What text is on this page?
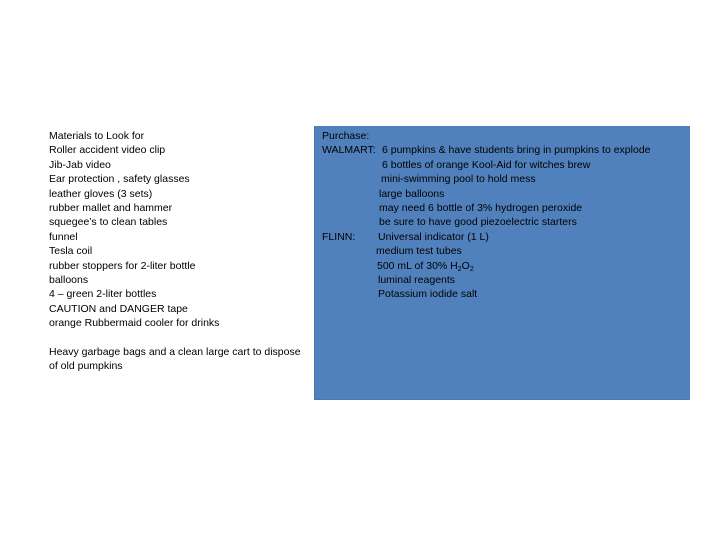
Materials to Look for
Roller accident video clip
Jib-Jab video
Ear protection , safety glasses
leather gloves (3 sets)
rubber mallet and hammer
squegee’s to clean tables
funnel
Tesla coil
rubber stoppers for 2-liter bottle
balloons
4 – green 2-liter bottles
CAUTION and DANGER tape
orange Rubbermaid cooler for drinks
Heavy garbage bags and a clean large cart to dispose of old pumpkins
Purchase:
WALMART: 6 pumpkins & have students bring in pumpkins to explode
6 bottles of orange Kool-Aid for witches brew
mini-swimming pool to hold mess
large balloons
may need 6 bottle of 3% hydrogen peroxide
be sure to have good piezoelectric starters
FLINN: Universal indicator (1 L)
medium test tubes
500 mL of 30% $H_2O_2$
luminal reagents
Potassium iodide salt
